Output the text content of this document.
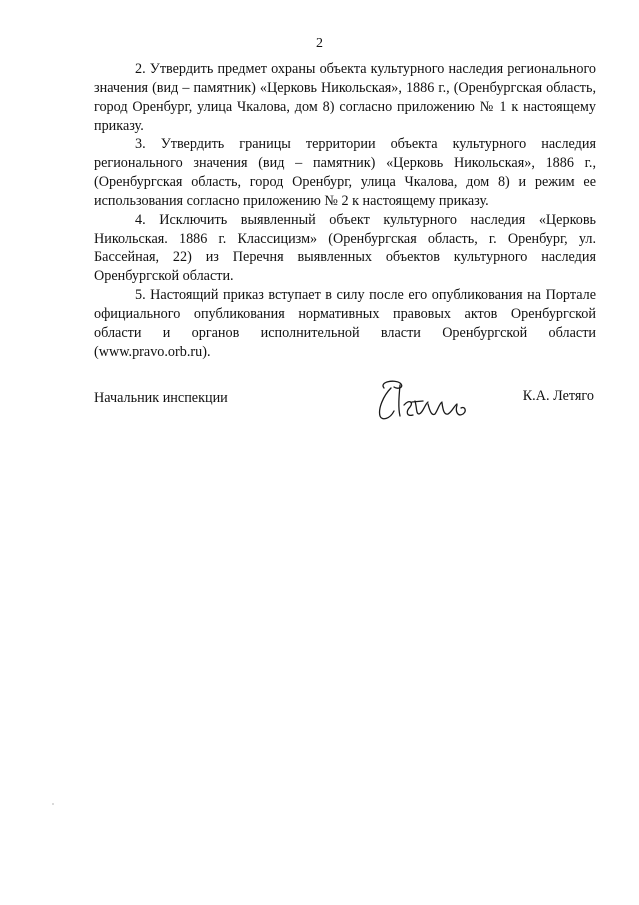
2

2. Утвердить предмет охраны объекта культурного наследия регионального значения (вид – памятник) «Церковь Никольская», 1886 г., (Оренбургская область, город Оренбург, улица Чкалова, дом 8) согласно приложению № 1 к настоящему приказу.

3. Утвердить границы территории объекта культурного наследия регионального значения (вид – памятник) «Церковь Никольская», 1886 г., (Оренбургская область, город Оренбург, улица Чкалова, дом 8) и режим ее использования согласно приложению № 2 к настоящему приказу.

4. Исключить выявленный объект культурного наследия «Церковь Никольская. 1886 г. Классицизм» (Оренбургская область, г. Оренбург, ул. Бассейная, 22) из Перечня выявленных объектов культурного наследия Оренбургской области.

5. Настоящий приказ вступает в силу после его опубликования на Портале официального опубликования нормативных правовых актов Оренбургской области и органов исполнительной власти Оренбургской области (www.pravo.orb.ru).

Начальник инспекции	К.А. Летяго
